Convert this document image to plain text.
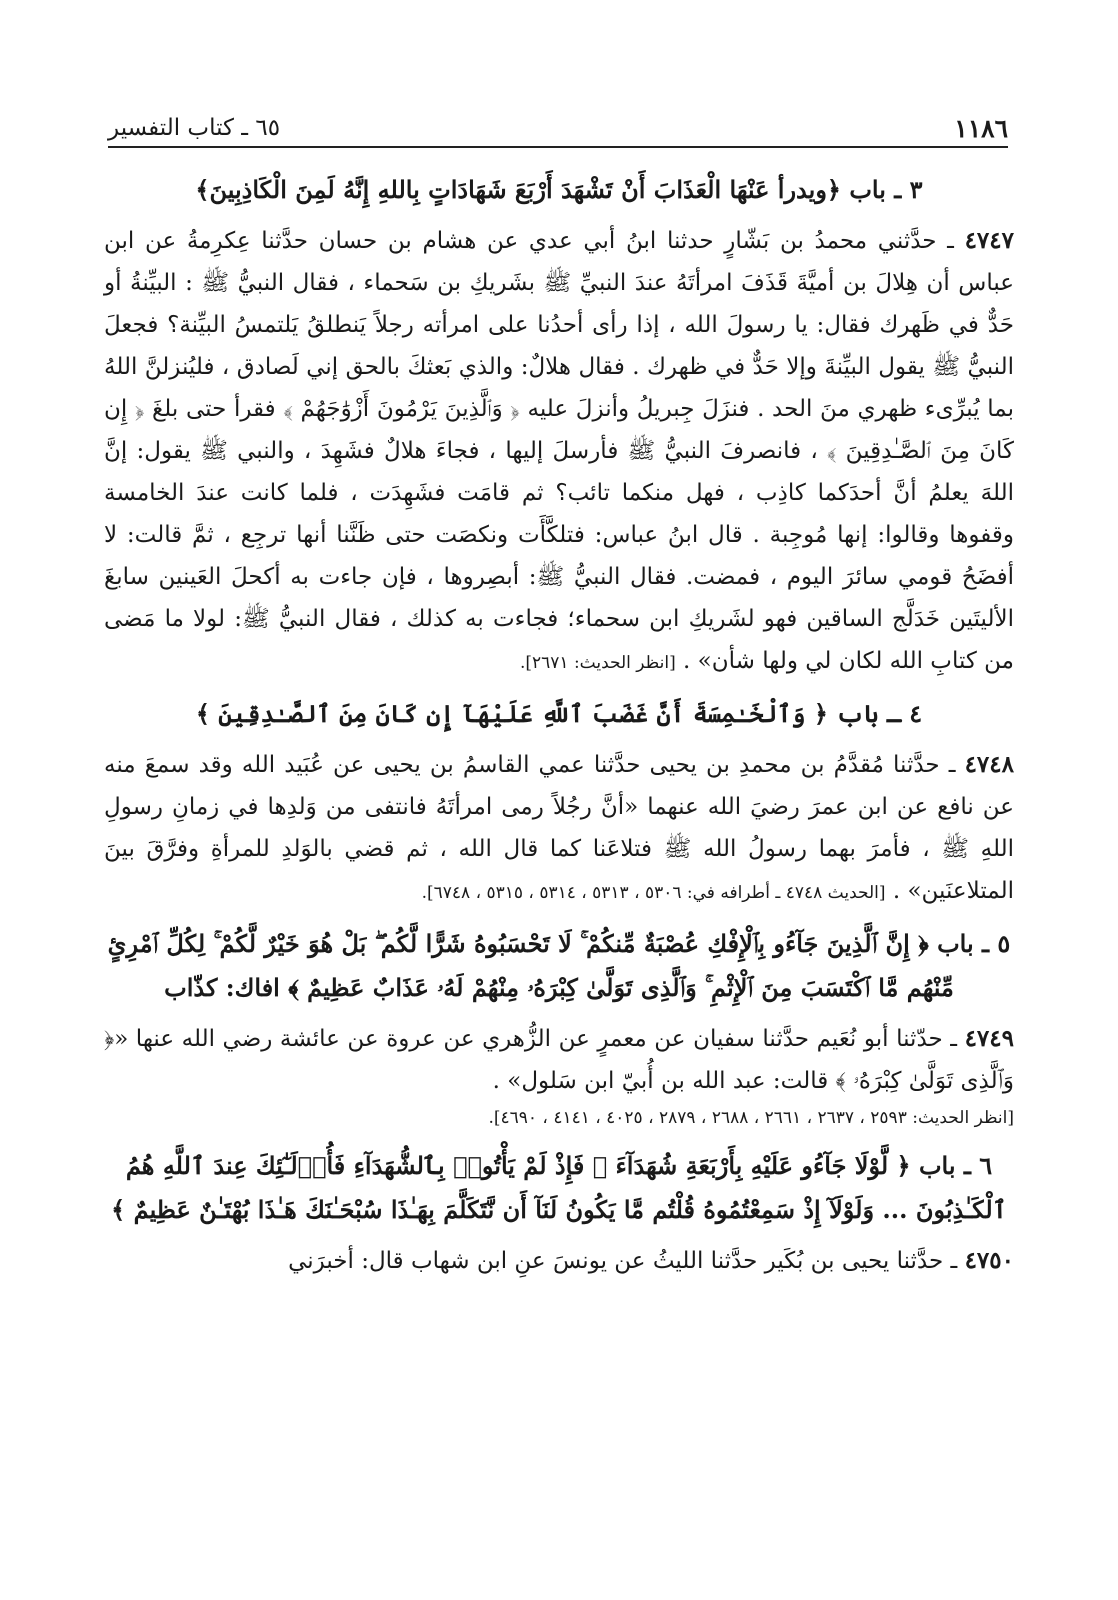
١١٨٦
٦٥ ـ كتاب التفسير

٣ ـ باب ﴿ويدرأ عَنْهَا الْعَذَابَ أَنْ تَشْهَدَ أَرْبَعَ شَهَادَاتٍ بِاللهِ إِنَّهُ لَمِنَ الْكَاذِبِينَ﴾

٤٧٤٧ ـ حدَّثني محمدُ بن بَشّارٍ حدثنا ابنُ أبي عدي عن هشام بن حسان حدَّثنا عِكرِمةُ عن ابن عباس أن هِلالَ بن أميَّةَ قَذَفَ امرأتَهُ عندَ النبيِّ ﷺ بشَريكِ بن سَحماء ، فقال النبيُّ ﷺ : البيِّنةُ أو حَدٌّ في ظَهرك فقال: يا رسولَ الله ، إذا رأى أحدُنا على امرأته رجلاً يَنطلقُ يَلتمسُ البيِّنة؟ فجعلَ النبيُّ ﷺ يقول البيِّنةَ وإلا حَدٌّ في ظهرك . فقال هلالٌ: والذي بَعثكَ بالحق إني لَصادق ، فليُنزلنَّ اللهُ بما يُبرِّىء ظهري منَ الحد . فنزَلَ جِبريلُ وأنزلَ عليه ﴿ وَٱلَّذِينَ يَرْمُونَ أَزْوَٰجَهُمْ ﴾ فقرأ حتى بلغَ ﴿ إِن كَانَ مِنَ ٱلصَّـٰدِقِينَ ﴾ ، فانصرفَ النبيُّ ﷺ فأرسلَ إليها ، فجاءَ هلالٌ فشَهِدَ ، والنبي ﷺ يقول: إنَّ اللهَ يعلمُ أنَّ أحدَكما كاذِب ، فهل منكما تائب؟ ثم قامَت فشَهِدَت ، فلما كانت عندَ الخامسة وقفوها وقالوا: إنها مُوجِبة . قال ابنُ عباس: فتلكَّأَت ونكصَت حتى ظَنَّنا أنها ترجِع ، ثمَّ قالت: لا أفضَحُ قومي سائرَ اليوم ، فمضت. فقال النبيُّ ﷺ: أبصِروها ، فإن جاءت به أكحلَ العَينين سابغَ الأليتَين خَدَلَّج الساقين فهو لشَريكِ ابن سحماء؛ فجاءت به كذلك ، فقال النبيُّ ﷺ: لولا ما مَضى من كتابِ الله لكان لي ولها شأن» . [انظر الحديث: ٢٦٧١].

٤ ـ باب ﴿ وَٱلْخَـٰمِسَةَ أَنَّ غَضَبَ ٱللَّهِ عَلَيْهَآ إِن كَانَ مِنَ ٱلصَّـٰدِقِينَ ﴾

٤٧٤٨ ـ حدَّثنا مُقدَّمُ بن محمدِ بن يحيى حدَّثنا عمي القاسمُ بن يحيى عن عُبَيد الله وقد سمعَ منه عن نافع عن ابن عمرَ رضيَ الله عنهما «أنَّ رجُلاً رمى امرأتَهُ فانتفى من وَلدِها في زمانِ رسولِ اللهِ ﷺ ، فأمرَ بهما رسولُ الله ﷺ فتلاعَنا كما قال الله ، ثم قضي بالوَلدِ للمرأةِ وفرَّقَ بينَ المتلاعنَين» . [الحديث ٤٧٤٨ ـ أطرافه في: ٥٣٠٦ ، ٥٣١٣ ، ٥٣١٤ ، ٥٣١٥ ، ٦٧٤٨].

٥ ـ باب ﴿ إِنَّ ٱلَّذِينَ جَآءُو بِٱلْإِفْكِ عُصْبَةٌ مِّنكُمْ ۚ لَا تَحْسَبُوهُ شَرًّا لَّكُم ۖ بَلْ هُوَ خَيْرٌ لَّكُمْ ۚ لِكُلِّ ٱمْرِئٍ مِّنْهُم مَّا ٱكْتَسَبَ مِنَ ٱلْإِثْمِ ۚ وَٱلَّذِى تَوَلَّىٰ كِبْرَهُۥ مِنْهُمْ لَهُۥ عَذَابٌ عَظِيمٌ ﴾ افاك: كذّاب

٤٧٤٩ ـ حدّثنا أبو نُعَيم حدَّثنا سفيان عن معمرٍ عن الزُّهري عن عروة عن عائشة رضي الله عنها «﴿ وَٱلَّذِى تَوَلَّىٰ كِبْرَهُۥ ﴾ قالت: عبد الله بن أُبيّ ابن سَلول» .

[انظر الحديث: ٢٥٩٣ ، ٢٦٣٧ ، ٢٦٦١ ، ٢٦٨٨ ، ٢٨٧٩ ، ٤٠٢٥ ، ٤١٤١ ، ٤٦٩٠].

٦ ـ باب ﴿ لَّوْلَا جَآءُو عَلَيْهِ بِأَرْبَعَةِ شُهَدَآءَ ۚ فَإِذْ لَمْ يَأْتُوا۟ بِٱلشُّهَدَآءِ فَأُو۟لَـٰٓئِكَ عِندَ ٱللَّهِ هُمُ ٱلْكَـٰذِبُونَ ... وَلَوْلَآ إِذْ سَمِعْتُمُوهُ قُلْتُم مَّا يَكُونُ لَنَآ أَن نَّتَكَلَّمَ بِهَـٰذَا سُبْحَـٰنَكَ هَـٰذَا بُهْتَـٰنٌ عَظِيمٌ ﴾

٤٧٥٠ ـ حدَّثنا يحيى بن بُكَير حدَّثنا الليثُ عن يونسَ عنِ ابن شهاب قال: أخبرَني
